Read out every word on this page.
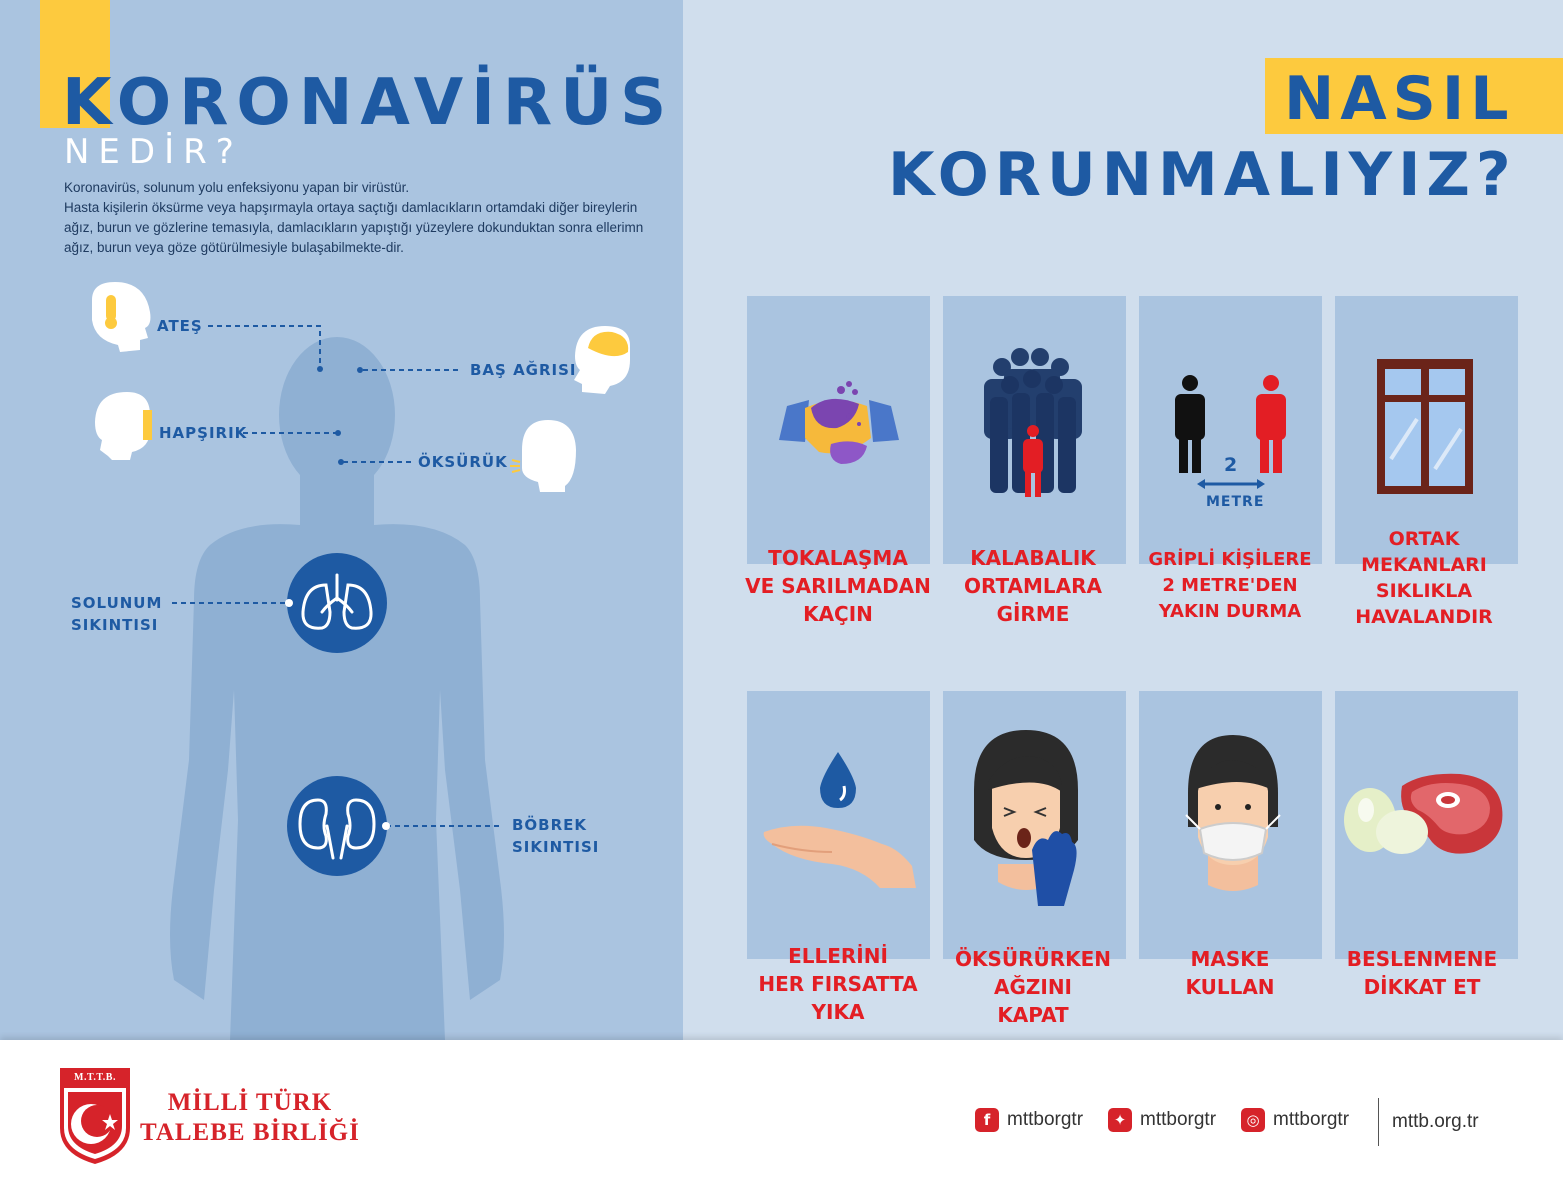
KORONAVİRÜS
NEDİR?

Koronavirüs, solunum yolu enfeksiyonu yapan bir virüstür.

Hasta kişilerin öksürme veya hapşırmayla ortaya saçtığı damlacıkların ortamdaki diğer bireylerin ağız, burun ve gözlerine temasıyla, damlacıkların yapıştığı yüzeylere dokunduktan sonra ellerimn ağız, burun veya göze götürülmesiyle bulaşabilmekte-dir.

ATEŞ
BAŞ AĞRISI
HAPŞIRIK
ÖKSÜRÜK
SOLUNUM
SIKINTISI
BÖBREK
SIKINTISI
NASIL
KORUNMALIYIZ?
2
METRE
TOKALAŞMA
VE SARILMADAN
KAÇIN
KALABALIK
ORTAMLARA
GİRME
GRİPLİ KİŞİLERE
2 METRE'DEN
YAKIN DURMA
ORTAK
MEKANLARI
SIKLIKLA
HAVALANDIR
ELLERİNİ
HER FIRSATTA
YIKA
ÖKSÜRÜRKEN
AĞZINI
KAPAT
MASKE
KULLAN
BESLENMENE
DİKKAT ET
M.T.T.B.
MİLLİ TÜRK
TALEBE BİRLİĞİ	f mttborgtr	✦ mttborgtr	◎ mttborgtr mttb.org.tr
